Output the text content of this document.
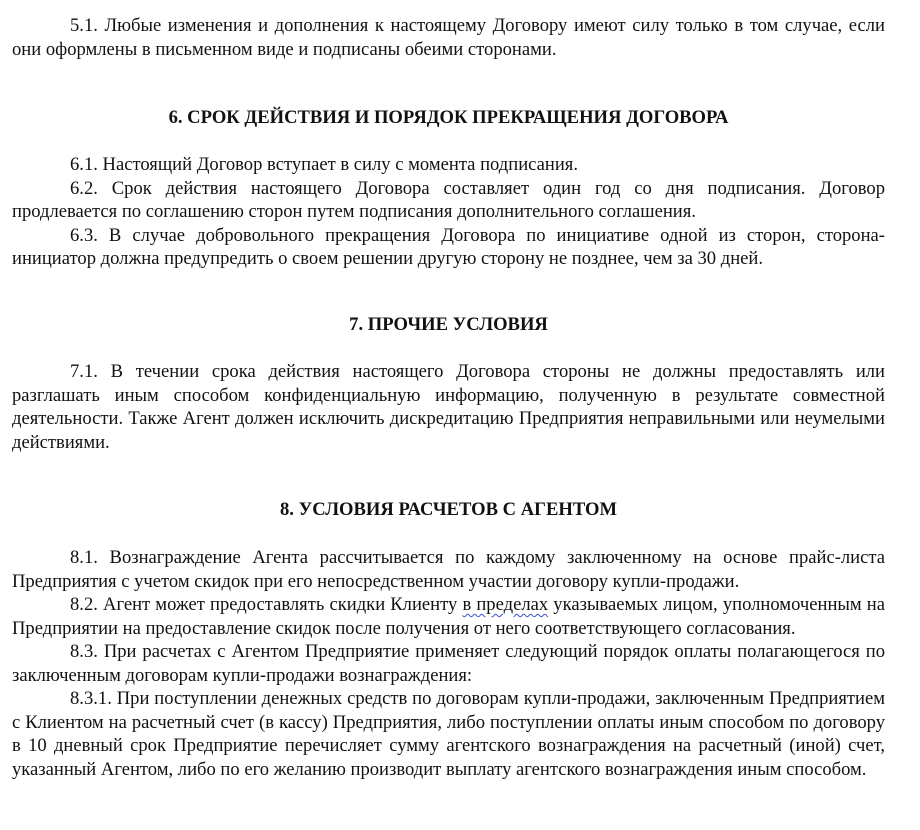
5.1. Любые изменения и дополнения к настоящему Договору имеют силу только в том случае, если они оформлены в письменном виде и подписаны обеими сторонами.

6. СРОК ДЕЙСТВИЯ И ПОРЯДОК ПРЕКРАЩЕНИЯ ДОГОВОРА

6.1. Настоящий Договор вступает в силу с момента подписания.

6.2. Срок действия настоящего Договора составляет один год со дня подписания. Договор продлевается по соглашению сторон путем подписания дополнительного соглашения.

6.3. В случае добровольного прекращения Договора по инициативе одной из сторон, сторона-инициатор должна предупредить о своем решении другую сторону не позднее, чем за 30 дней.

7. ПРОЧИЕ УСЛОВИЯ

7.1. В течении срока действия настоящего Договора стороны не должны предоставлять или разглашать иным способом конфиденциальную информацию, полученную в результате совместной деятельности. Также Агент должен исключить дискредитацию Предприятия неправильными или неумелыми действиями.

8. УСЛОВИЯ РАСЧЕТОВ С АГЕНТОМ

8.1. Вознаграждение Агента рассчитывается по каждому заключенному на основе прайс-листа Предприятия с учетом скидок при его непосредственном участии договору купли-продажи.

8.2. Агент может предоставлять скидки Клиенту в пределах указываемых лицом, уполномоченным на Предприятии на предоставление скидок после получения от него соответствующего согласования.

8.3. При расчетах с Агентом Предприятие применяет следующий порядок оплаты полагающегося по заключенным договорам купли-продажи вознаграждения:

8.3.1. При поступлении денежных средств по договорам купли-продажи, заключенным Предприятием с Клиентом на расчетный счет (в кассу) Предприятия, либо поступлении оплаты иным способом по договору в 10 дневный срок Предприятие перечисляет сумму агентского вознаграждения на расчетный (иной) счет, указанный Агентом, либо по его желанию производит выплату агентского вознаграждения иным способом.
